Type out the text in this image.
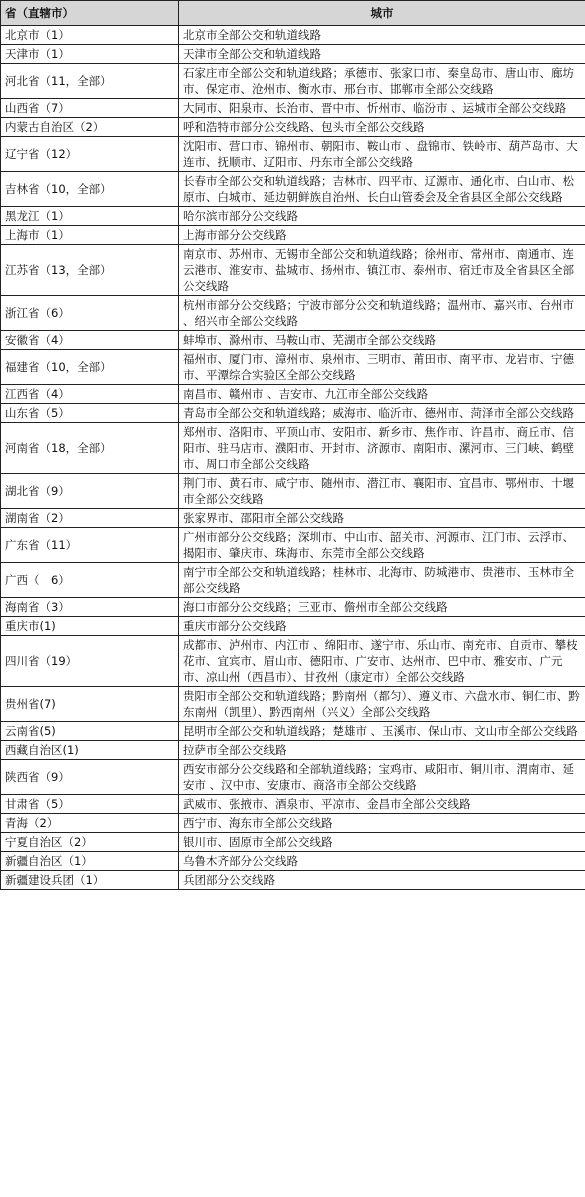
省（直辖市）	城市
北京市（1）	北京市全部公交和轨道线路
天津市（1）	天津市全部公交和轨道线路
河北省（11，全部）	石家庄市全部公交和轨道线路；承德市、张家口市、秦皇岛市、唐山市、廊坊市、保定市、沧州市、衡水市、邢台市、邯郸市全部公交线路
山西省（7）	大同市、阳泉市、长治市、晋中市、忻州市、临汾市 、运城市全部公交线路
内蒙古自治区（2）	呼和浩特市部分公交线路、包头市全部公交线路
辽宁省（12）	沈阳市、营口市、锦州市、朝阳市、鞍山市 、盘锦市、铁岭市、葫芦岛市、大连市、抚顺市、辽阳市、丹东市全部公交线路
吉林省（10，全部）	长春市全部公交和轨道线路；吉林市、四平市、辽源市、通化市、白山市、松原市、白城市、延边朝鲜族自治州、长白山管委会及全省县区全部公交线路
黑龙江（1）	哈尔滨市部分公交线路
上海市（1）	上海市部分公交线路
江苏省（13，全部）	南京市、苏州市、无锡市全部公交和轨道线路；徐州市、常州市、南通市、连云港市、淮安市、盐城市、扬州市、镇江市、泰州市、宿迁市及全省县区全部公交线路
浙江省（6）	杭州市部分公交线路；宁波市部分公交和轨道线路；温州市、嘉兴市、台州市 、绍兴市全部公交线路
安徽省（4）	蚌埠市、滁州市、马鞍山市、芜湖市全部公交线路
福建省（10，全部）	福州市、厦门市、漳州市、泉州市、三明市、莆田市、南平市、龙岩市、宁德市、平潭综合实验区全部公交线路
江西省（4）	南昌市、赣州市 、吉安市、九江市全部公交线路
山东省（5）	青岛市全部公交和轨道线路；威海市、临沂市、德州市、菏泽市全部公交线路
河南省（18，全部）	郑州市、洛阳市、平顶山市、安阳市、新乡市、焦作市、许昌市、商丘市、信阳市、驻马店市、濮阳市、开封市、济源市、南阳市、漯河市、三门峡、鹤壁市、周口市全部公交线路
湖北省（9）	荆门市、黄石市、咸宁市、随州市、潜江市、襄阳市、宜昌市、鄂州市、十堰市全部公交线路
湖南省（2）	张家界市、邵阳市全部公交线路
广东省（11）	广州市部分公交线路；深圳市、中山市、韶关市、河源市、江门市、云浮市、揭阳市、肇庆市、珠海市、东莞市全部公交线路
广西（　6）	南宁市全部公交和轨道线路；桂林市、北海市、防城港市、贵港市、玉林市全部公交线路
海南省（3）	海口市部分公交线路；三亚市、儋州市全部公交线路
重庆市(1)	重庆市部分公交线路
四川省（19）	成都市、泸州市、内江市 、绵阳市、遂宁市、乐山市、南充市、自贡市、攀枝花市、宜宾市、眉山市、德阳市、广安市、达州市、巴中市、雅安市、广元市、凉山州（西昌市）、甘孜州（康定市）全部公交线路
贵州省(7)	贵阳市全部公交和轨道线路；黔南州（都匀）、遵义市、六盘水市、铜仁市、黔东南州（凯里）、黔西南州（兴义）全部公交线路
云南省(5)	昆明市全部公交和轨道线路；楚雄市 、玉溪市、保山市、文山市全部公交线路
西藏自治区(1)	拉萨市全部公交线路
陕西省（9）	西安市部分公交线路和全部轨道线路；宝鸡市、咸阳市、铜川市、渭南市、延安市 、汉中市、安康市、商洛市全部公交线路
甘肃省（5）	武威市、张掖市、酒泉市、平凉市、金昌市全部公交线路
青海（2）	西宁市、海东市全部公交线路
宁夏自治区（2）	银川市、固原市全部公交线路
新疆自治区（1）	乌鲁木齐部分公交线路
新疆建设兵团（1）	兵团部分公交线路
